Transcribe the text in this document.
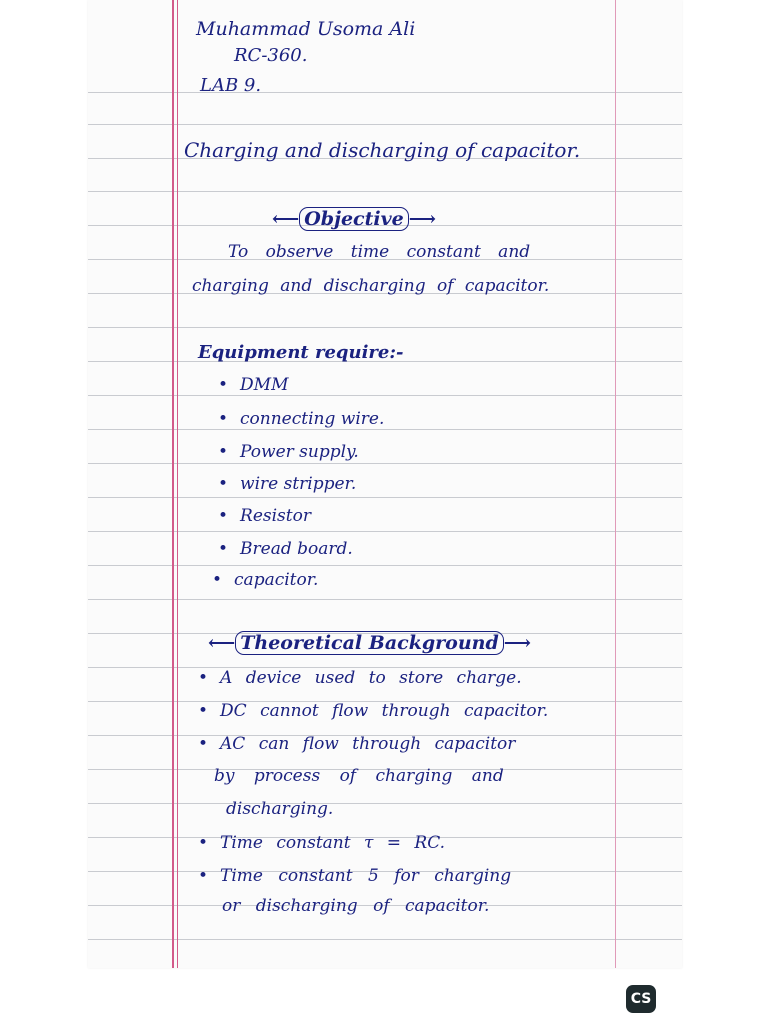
Muhammad Usoma Ali
RC-360.
LAB 9.
Charging and discharging of capacitor.
⟵ Objective ⟶
To observe time constant and
charging and discharging of capacitor.
Equipment require:-
• DMM
• connecting wire.
• Power supply.
• wire stripper.
• Resistor
• Bread board.
• capacitor.
⟵ Theoretical Background ⟶
• A device used to store charge.
• DC cannot flow through capacitor.
• AC can flow through capacitor
by process of charging and
discharging.
• Time constant τ = RC.
• Time constant 5 for charging
or discharging of capacitor.
CS
